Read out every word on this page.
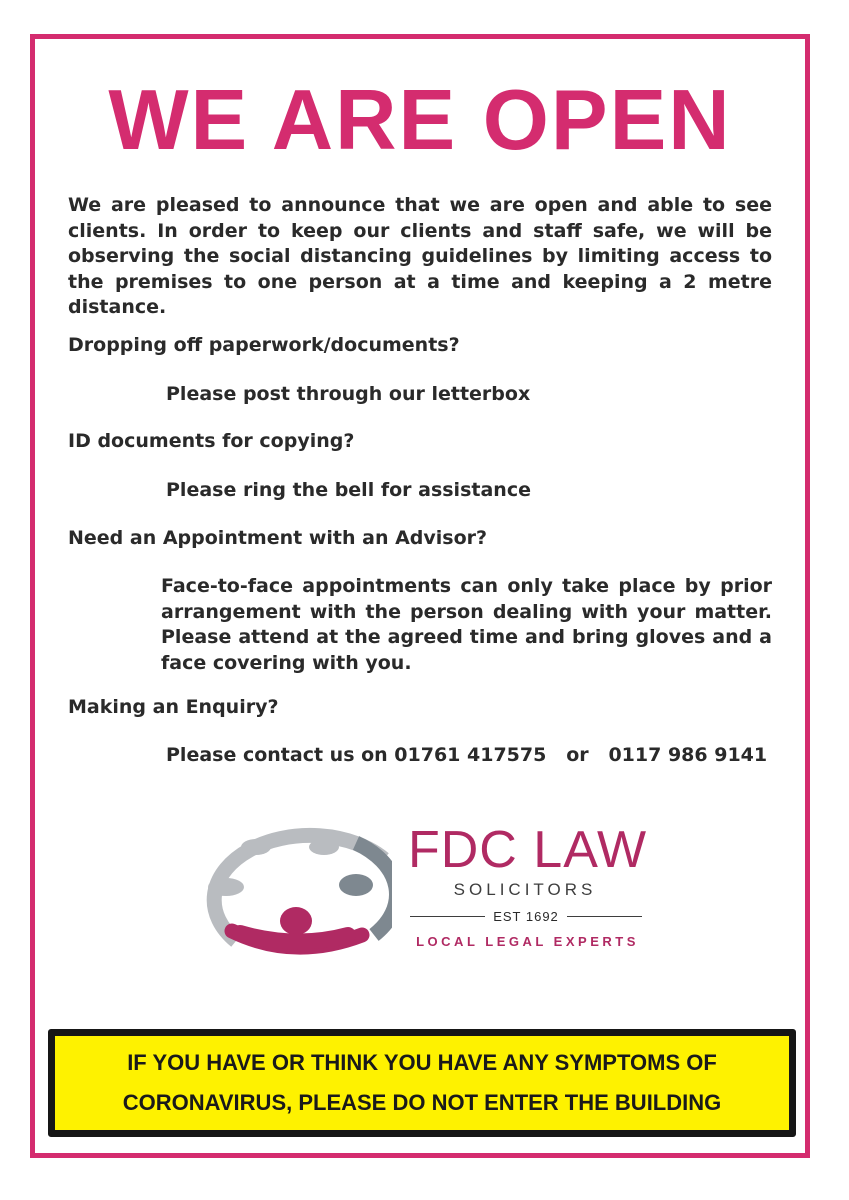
WE ARE OPEN

We are pleased to announce that we are open and able to see clients. In order to keep our clients and staff safe, we will be observing the social distancing guidelines by limiting access to the premises to one person at a time and keeping a 2 metre distance.

Dropping off paperwork/documents?

Please post through our letterbox

ID documents for copying?

Please ring the bell for assistance

Need an Appointment with an Advisor?

Face-to-face appointments can only take place by prior arrangement with the person dealing with your matter. Please attend at the agreed time and bring gloves and a face covering with you.

Making an Enquiry?

Please contact us on 01761 417575   or   0117 986 9141

FDC LAW

SOLICITORS

EST 1692

LOCAL LEGAL EXPERTS

IF YOU HAVE OR THINK YOU HAVE ANY SYMPTOMS OF

CORONAVIRUS, PLEASE DO NOT ENTER THE BUILDING
